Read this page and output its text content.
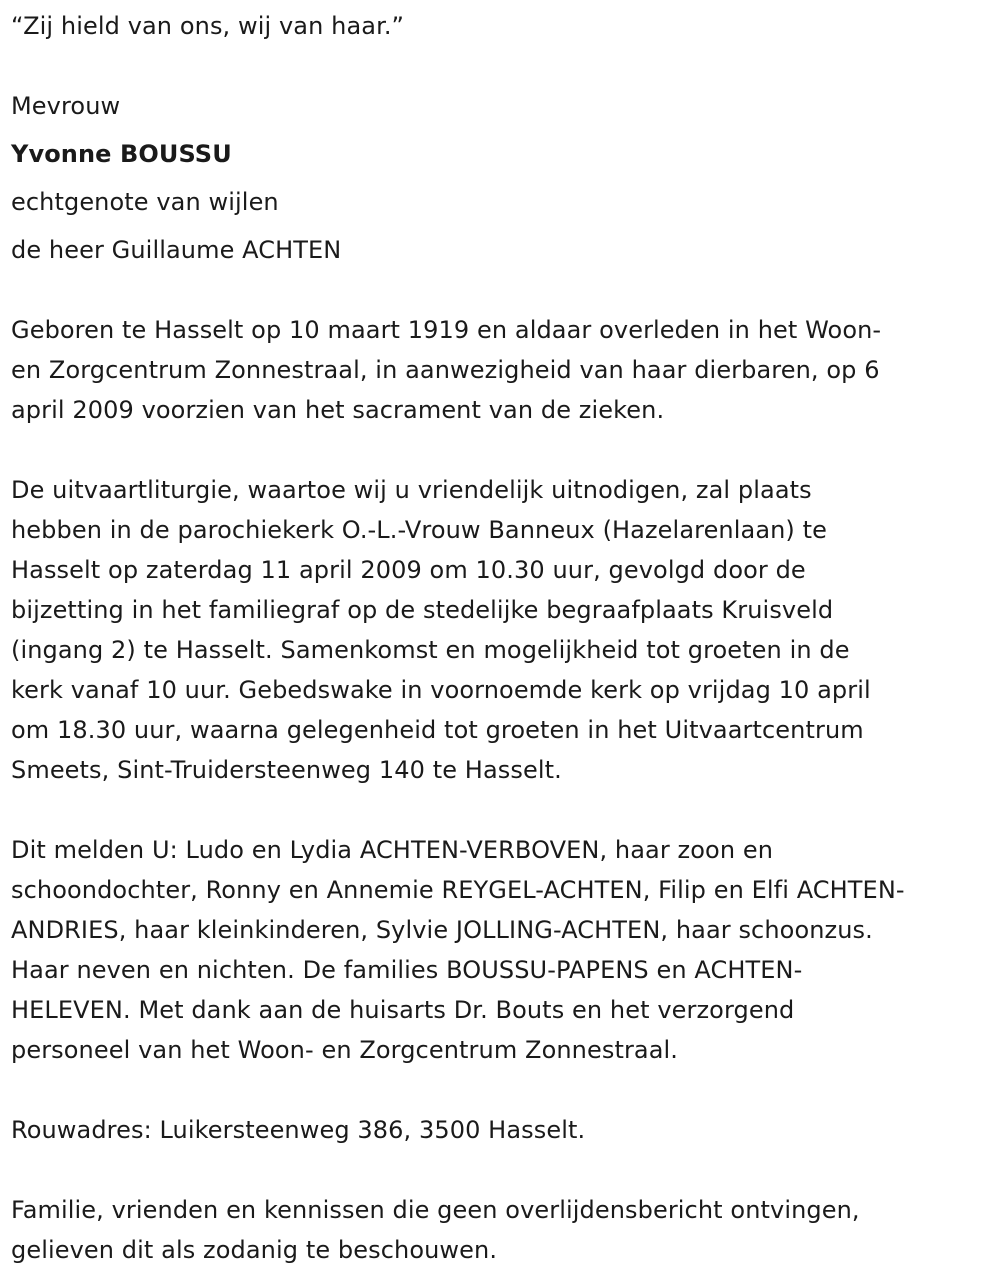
“Zij hield van ons, wij van haar.”
Mevrouw
Yvonne BOUSSU
echtgenote van wijlen
de heer Guillaume ACHTEN
Geboren te Hasselt op 10 maart 1919 en aldaar overleden in het Woon-
en Zorgcentrum Zonnestraal, in aanwezigheid van haar dierbaren, op 6
april 2009 voorzien van het sacrament van de zieken.
De uitvaartliturgie, waartoe wij u vriendelijk uitnodigen, zal plaats
hebben in de parochiekerk O.-L.-Vrouw Banneux (Hazelarenlaan) te
Hasselt op zaterdag 11 april 2009 om 10.30 uur, gevolgd door de
bijzetting in het familiegraf op de stedelijke begraafplaats Kruisveld
(ingang 2) te Hasselt. Samenkomst en mogelijkheid tot groeten in de
kerk vanaf 10 uur. Gebedswake in voornoemde kerk op vrijdag 10 april
om 18.30 uur, waarna gelegenheid tot groeten in het Uitvaartcentrum
Smeets, Sint-Truidersteenweg 140 te Hasselt.
Dit melden U: Ludo en Lydia ACHTEN-VERBOVEN, haar zoon en
schoondochter, Ronny en Annemie REYGEL-ACHTEN, Filip en Elfi ACHTEN-
ANDRIES, haar kleinkinderen, Sylvie JOLLING-ACHTEN, haar schoonzus.
Haar neven en nichten. De families BOUSSU-PAPENS en ACHTEN-
HELEVEN. Met dank aan de huisarts Dr. Bouts en het verzorgend
personeel van het Woon- en Zorgcentrum Zonnestraal.
Rouwadres: Luikersteenweg 386, 3500 Hasselt.
Familie, vrienden en kennissen die geen overlijdensbericht ontvingen,
gelieven dit als zodanig te beschouwen.
